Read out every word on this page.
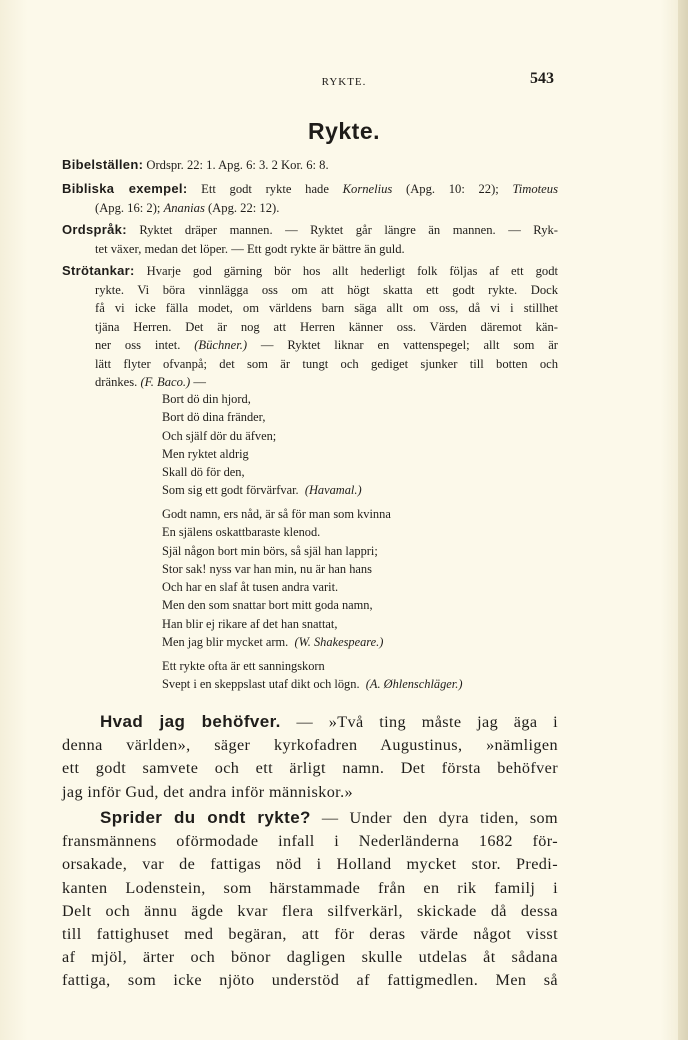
RYKTE.	543
Rykte.
Bibelställen: Ordspr. 22: 1. Apg. 6: 3. 2 Kor. 6: 8.
Bibliska exempel: Ett godt rykte hade Kornelius (Apg. 10: 22); Timoteus
(Apg. 16: 2); Ananias (Apg. 22: 12).
Ordspråk: Ryktet dräper mannen. — Ryktet går längre än mannen. — Ryk-
tet växer, medan det löper. — Ett godt rykte är bättre än guld.
Strötankar: Hvarje god gärning bör hos allt hederligt folk följas af ett godt
rykte. Vi böra vinnlägga oss om att högt skatta ett godt rykte. Dock
få vi icke fälla modet, om världens barn säga allt om oss, då vi i stillhet
tjäna Herren. Det är nog att Herren känner oss. Värden däremot kän-
ner oss intet. (Büchner.) — Ryktet liknar en vattenspegel; allt som är
lätt flyter ofvanpå; det som är tungt och gediget sjunker till botten och
dränkes. (F. Baco.) —
Bort dö din hjord,
Bort dö dina fränder,
Och själf dör du äfven;
Men ryktet aldrig
Skall dö för den,
Som sig ett godt förvärfvar. (Havamal.)
Godt namn, ers nåd, är så för man som kvinna
En själens oskattbaraste klenod.
Själ någon bort min börs, så själ han lappri;
Stor sak! nyss var han min, nu är han hans
Och har en slaf åt tusen andra varit.
Men den som snattar bort mitt goda namn,
Han blir ej rikare af det han snattat,
Men jag blir mycket arm. (W. Shakespeare.)
Ett rykte ofta är ett sanningskorn
Svept i en skeppslast utaf dikt och lögn. (A. Øhlenschläger.)
Hvad jag behöfver. — »Två ting måste jag äga i
denna världen», säger kyrkofadren Augustinus, »nämligen
ett godt samvete och ett ärligt namn. Det första behöfver
jag inför Gud, det andra inför människor.»
Sprider du ondt rykte? — Under den dyra tiden, som
fransmännens oförmodade infall i Nederländerna 1682 för-
orsakade, var de fattigas nöd i Holland mycket stor. Predi-
kanten Lodenstein, som härstammade från en rik familj i
Delt och ännu ägde kvar flera silfverkärl, skickade då dessa
till fattighuset med begäran, att för deras värde något visst
af mjöl, ärter och bönor dagligen skulle utdelas åt sådana
fattiga, som icke njöto understöd af fattigmedlen. Men så
